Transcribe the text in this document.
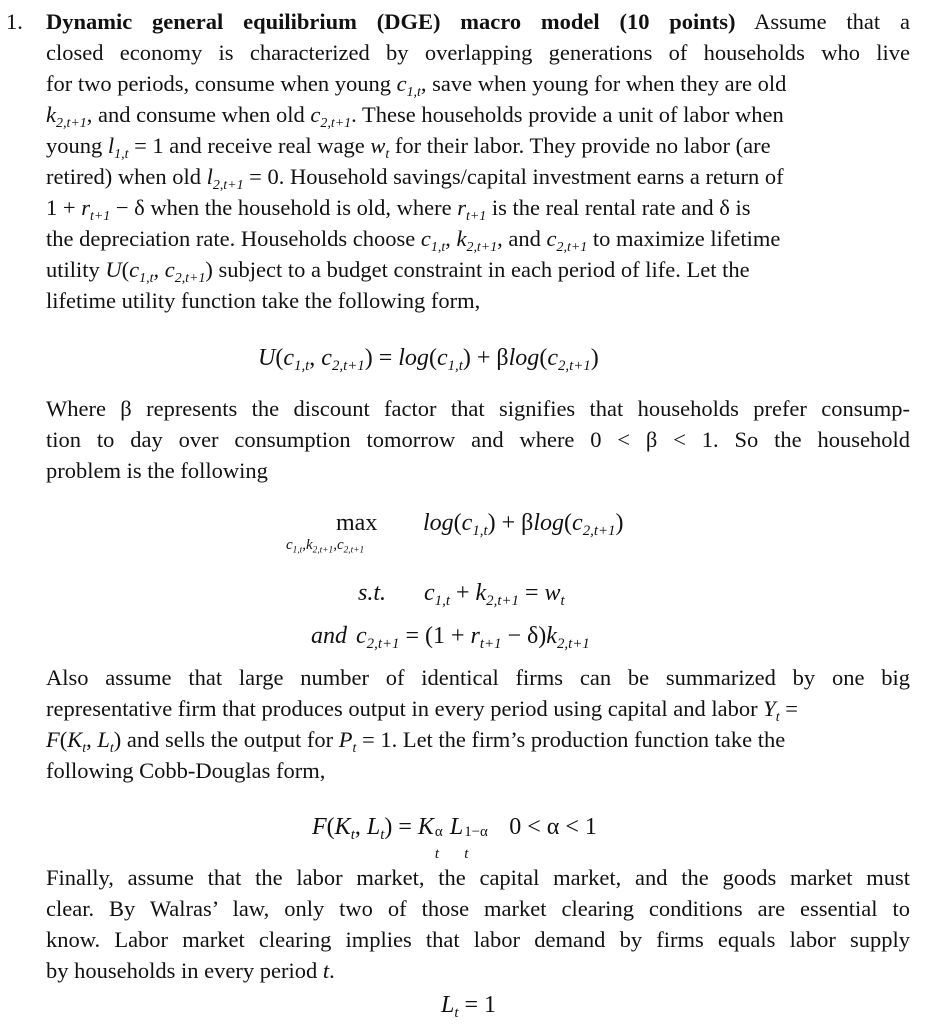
1. Dynamic general equilibrium (DGE) macro model (10 points) Assume that a
closed economy is characterized by overlapping generations of households who live
for two periods, consume when young $c_{1,t}$, save when young for when they are old
$k_{2,t+1}$, and consume when old $c_{2,t+1}$. These households provide a unit of labor when
young $l_{1,t} = 1$ and receive real wage $w_t$ for their labor. They provide no labor (are
retired) when old $l_{2,t+1} = 0$. Household savings/capital investment earns a return of
$1 + r_{t+1} - \delta$ when the household is old, where $r_{t+1}$ is the real rental rate and δ is
the depreciation rate. Households choose $c_{1,t}$, $k_{2,t+1}$, and $c_{2,t+1}$ to maximize lifetime
utility $U(c_{1,t}$, $c_{2,t+1}$) subject to a budget constraint in each period of life. Let the
lifetime utility function take the following form,
$U(c_{1,t}$, $c_{2,t+1}) = \log(c_{1,t}) + \beta\log(c_{2,t+1})$
Where β represents the discount factor that signifies that households prefer consump-
tion to day over consumption tomorrow and where 0 < β < 1. So the household
problem is the following
max
$c_{1,t},k_{2,t+1},c_{2,t+1}$
$\log(c_{1,t}) + \beta\log(c_{2,t+1})$
s.t. $c_{1,t} + k_{2,t+1} = w_t$
and $c_{2,t+1} = (1 + r_{t+1} - \delta)k_{2,t+1}$
Also assume that large number of identical firms can be summarized by one big
representative firm that produces output in every period using capital and labor $Y_t$ =
$F(K_t$, $L_t$) and sells the output for $P_t = 1$. Let the firm’s production function take the
following Cobb-Douglas form,
$F(K_t$, $L_t) = K$ α
t
L 1−α
t
0 < α < 1
Finally, assume that the labor market, the capital market, and the goods market must
clear. By Walras’ law, only two of those market clearing conditions are essential to
know. Labor market clearing implies that labor demand by firms equals labor supply
by households in every period t.
$L_t = 1$
